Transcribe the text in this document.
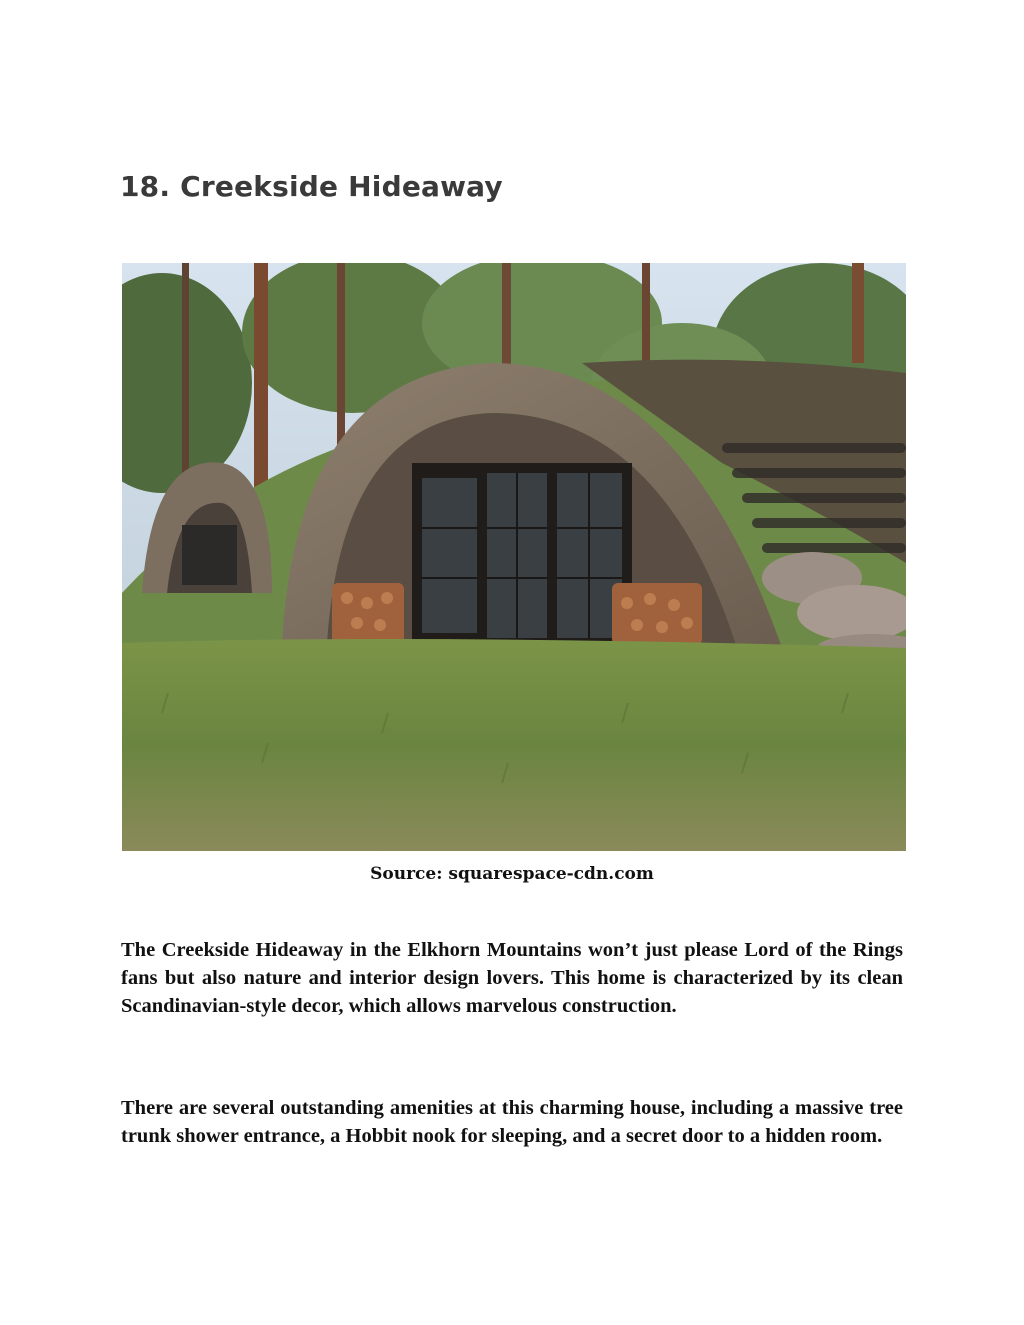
18. Creekside Hideaway
Source: squarespace-cdn.com

The Creekside Hideaway in the Elkhorn Mountains won’t just please Lord of the Rings fans but also nature and interior design lovers. This home is characterized by its clean Scandinavian-style decor, which allows marvelous construction.

There are several outstanding amenities at this charming house, including a massive tree trunk shower entrance, a Hobbit nook for sleeping, and a secret door to a hidden room.
